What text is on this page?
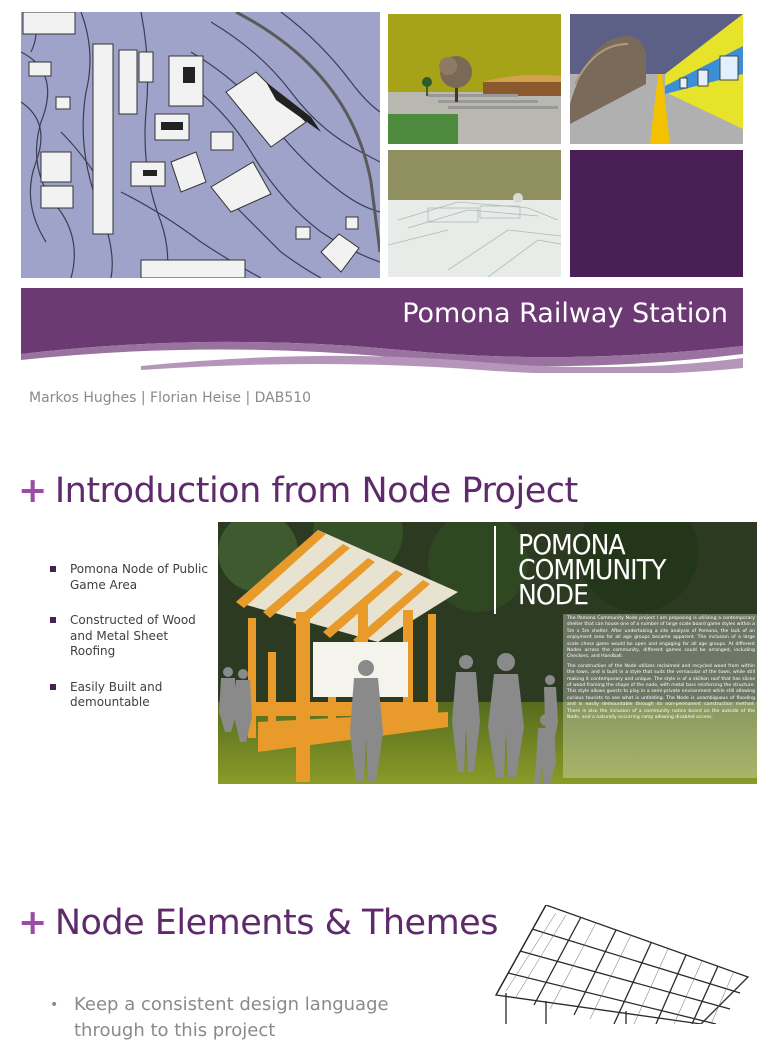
Pomona Railway Station
Markos Hughes | Florian Heise | DAB510
+ Introduction from Node Project
Pomona Node of Public Game Area
Constructed of Wood and Metal Sheet Roofing
Easily Built and demountable
POMONA
COMMUNITY
NODE

The Pomona Community Node project I am proposing is utilizing a contemporary shelter that can house one of a number of large scale board game styles within a 5m x 5m shelter. After undertaking a site analysis of Pomona, the lack of an enjoyment area for all age groups became apparent. The inclusion of a large scale chess game would be open and engaging for all age groups. At different Nodes across the community, different games could be arranged, including Checkers, and Handball.

The construction of the Node utilizes reclaimed and recycled wood from within the town, and is built in a style that suits the vernacular of the town, while still making it contemporary and unique. The style is of a skillion roof that has slices of wood framing the shape of the node, with metal bars reinforcing the structure. This style allows guests to play in a semi-private environment while still allowing curious tourists to see what is unfolding. The Node is unambiguous of flooding and is easily demountable through its non-permanent construction method. There is also the inclusion of a community notice board on the outside of the Node, and a naturally occurring ramp allowing disabled access.

+ Node Elements & Themes
• Keep a consistent design language through to this project
